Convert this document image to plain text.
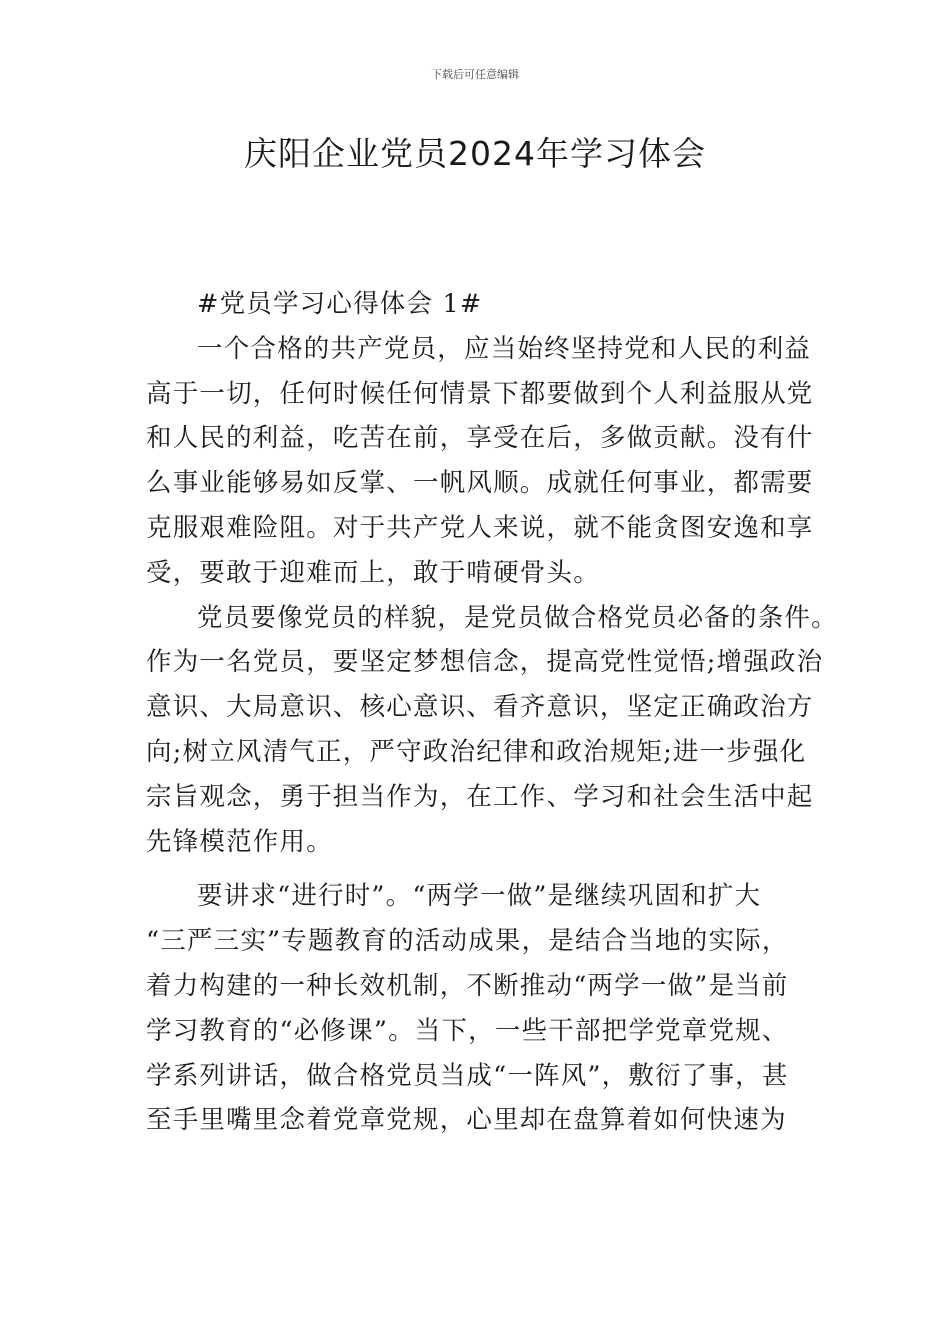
下载后可任意编辑
庆阳企业党员2024年学习体会
#党员学习心得体会 1#
一个合格的共产党员，应当始终坚持党和人民的利益
高于一切，任何时候任何情景下都要做到个人利益服从党
和人民的利益，吃苦在前，享受在后，多做贡献。没有什
么事业能够易如反掌、一帆风顺。成就任何事业，都需要
克服艰难险阻。对于共产党人来说，就不能贪图安逸和享
受，要敢于迎难而上，敢于啃硬骨头。
党员要像党员的样貌，是党员做合格党员必备的条件。
作为一名党员，要坚定梦想信念，提高党性觉悟;增强政治
意识、大局意识、核心意识、看齐意识，坚定正确政治方
向;树立风清气正，严守政治纪律和政治规矩;进一步强化
宗旨观念，勇于担当作为，在工作、学习和社会生活中起
先锋模范作用。
要讲求“进行时”。“两学一做”是继续巩固和扩大
“三严三实”专题教育的活动成果，是结合当地的实际，
着力构建的一种长效机制，不断推动“两学一做”是当前
学习教育的“必修课”。当下，一些干部把学党章党规、
学系列讲话，做合格党员当成“一阵风”，敷衍了事，甚
至手里嘴里念着党章党规，心里却在盘算着如何快速为
